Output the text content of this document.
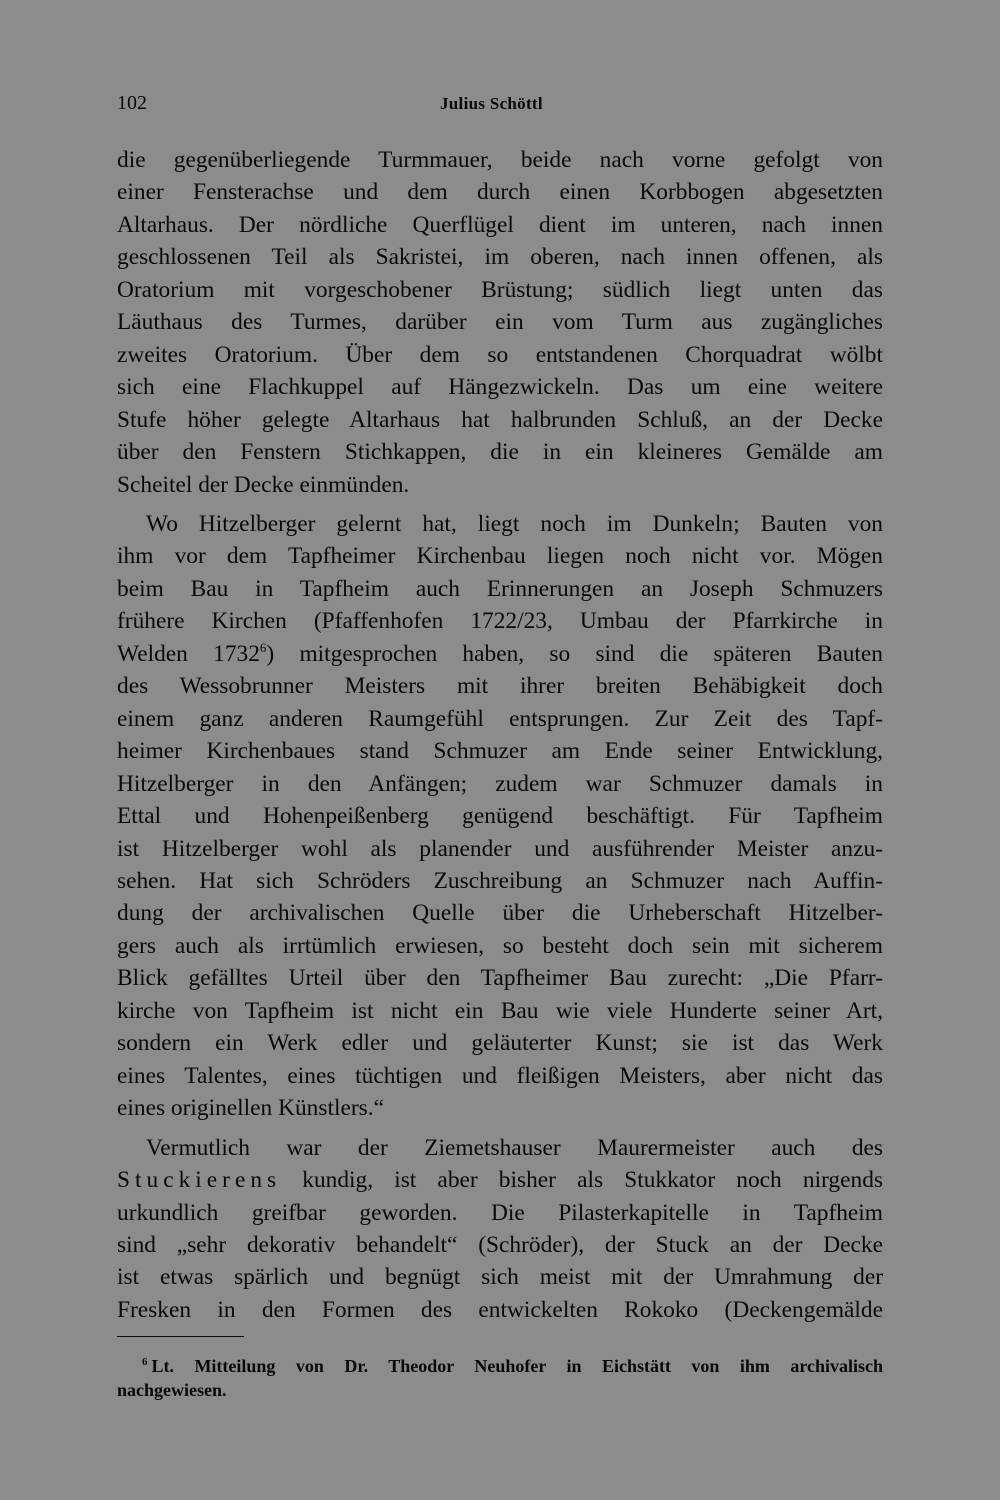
102	Julius Schöttl
die gegenüberliegende Turmmauer, beide nach vorne gefolgt von
einer Fensterachse und dem durch einen Korbbogen abgesetzten
Altarhaus. Der nördliche Querflügel dient im unteren, nach innen
geschlossenen Teil als Sakristei, im oberen, nach innen offenen, als
Oratorium mit vorgeschobener Brüstung; südlich liegt unten das
Läuthaus des Turmes, darüber ein vom Turm aus zugängliches
zweites Oratorium. Über dem so entstandenen Chorquadrat wölbt
sich eine Flachkuppel auf Hängezwickeln. Das um eine weitere
Stufe höher gelegte Altarhaus hat halbrunden Schluß, an der Decke
über den Fenstern Stichkappen, die in ein kleineres Gemälde am
Scheitel der Decke einmünden.
Wo Hitzelberger gelernt hat, liegt noch im Dunkeln; Bauten von
ihm vor dem Tapfheimer Kirchenbau liegen noch nicht vor. Mögen
beim Bau in Tapfheim auch Erinnerungen an Joseph Schmuzers
frühere Kirchen (Pfaffenhofen 1722/23, Umbau der Pfarrkirche in
Welden 1732$^6$) mitgesprochen haben, so sind die späteren Bauten
des Wessobrunner Meisters mit ihrer breiten Behäbigkeit doch
einem ganz anderen Raumgefühl entsprungen. Zur Zeit des Tapf-
heimer Kirchenbaues stand Schmuzer am Ende seiner Entwicklung,
Hitzelberger in den Anfängen; zudem war Schmuzer damals in
Ettal und Hohenpeißenberg genügend beschäftigt. Für Tapfheim
ist Hitzelberger wohl als planender und ausführender Meister anzu-
sehen. Hat sich Schröders Zuschreibung an Schmuzer nach Auffin-
dung der archivalischen Quelle über die Urheberschaft Hitzelber-
gers auch als irrtümlich erwiesen, so besteht doch sein mit sicherem
Blick gefälltes Urteil über den Tapfheimer Bau zurecht: „Die Pfarr-
kirche von Tapfheim ist nicht ein Bau wie viele Hunderte seiner Art,
sondern ein Werk edler und geläuterter Kunst; sie ist das Werk
eines Talentes, eines tüchtigen und fleißigen Meisters, aber nicht das
eines originellen Künstlers.“
Vermutlich war der Ziemetshauser Maurermeister auch des
Stuckierens kundig, ist aber bisher als Stukkator noch nirgends
urkundlich greifbar geworden. Die Pilasterkapitelle in Tapfheim
sind „sehr dekorativ behandelt“ (Schröder), der Stuck an der Decke
ist etwas spärlich und begnügt sich meist mit der Umrahmung der
Fresken in den Formen des entwickelten Rokoko (Deckengemälde
$^6$ Lt. Mitteilung von Dr. Theodor Neuhofer in Eichstätt von ihm archivalisch
nachgewiesen.
